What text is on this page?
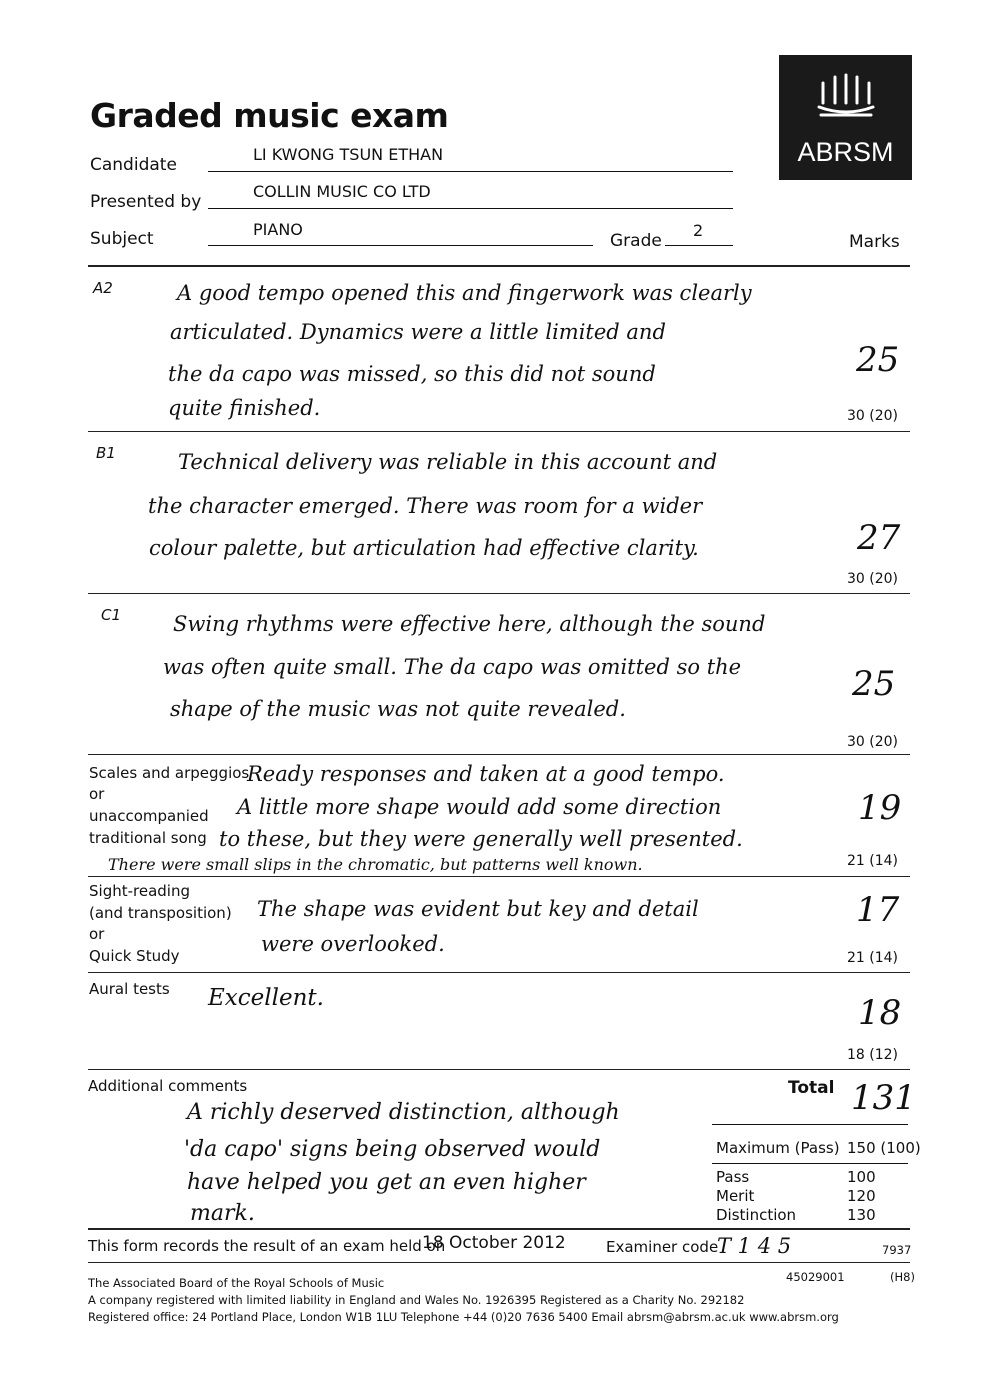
ABRSM
Graded music exam
Candidate
LI KWONG TSUN ETHAN
Presented by
COLLIN MUSIC CO LTD
Subject	PIANO
Grade
2
Marks
A2	A good tempo opened this and fingerwork was clearly
articulated. Dynamics were a little limited and
the da capo was missed, so this did not sound
quite finished.
25
30 (20)
B1	Technical delivery was reliable in this account and
the character emerged. There was room for a wider
colour palette, but articulation had effective clarity.	27
30 (20)
C1 Swing rhythms were effective here, although the sound
was often quite small. The da capo was omitted so the
shape of the music was not quite revealed.
25
30 (20)
Scales and arpeggios
or
unaccompanied
traditional song
Ready responses and taken at a good tempo.
A little more shape would add some direction
to these, but they were generally well presented.
There were small slips in the chromatic, but patterns well known.
19
21 (14)
Sight-reading
(and transposition)
or
Quick Study
The shape was evident but key and detail
were overlooked.
17
21 (14)
Aural tests Excellent.	18
18 (12)
Additional comments
A richly deserved distinction, although
'da capo' signs being observed would
have helped you get an even higher
mark.
Total 131
Maximum (Pass) 150 (100)
Pass	100
Merit	120
Distinction	130
This form records the result of an exam held on
18 October 2012	Examiner code
T 1 4 5	7937
45029001	(H8)
The Associated Board of the Royal Schools of Music
A company registered with limited liability in England and Wales No. 1926395 Registered as a Charity No. 292182
Registered office: 24 Portland Place, London W1B 1LU Telephone +44 (0)20 7636 5400 Email abrsm@abrsm.ac.uk www.abrsm.org
